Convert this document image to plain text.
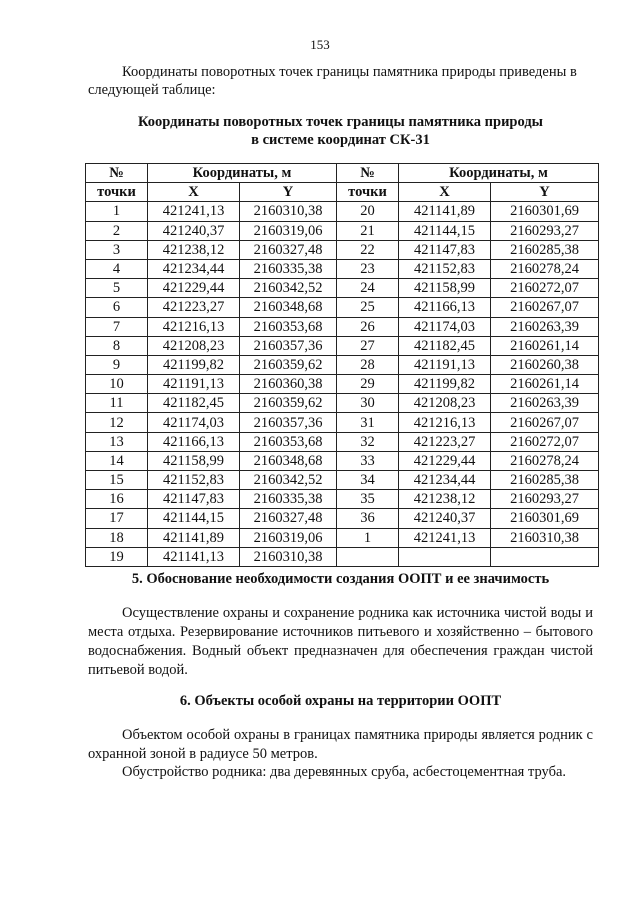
153

Координаты поворотных точек границы памятника природы приведены в следующей таблице:

Координаты поворотных точек границы памятника природы
в системе координат СК-31
№	Координаты, м		№	Координаты, м	
точки	X	Y	точки	X	Y
1	421241,13	2160310,38	20	421141,89	2160301,69
2	421240,37	2160319,06	21	421144,15	2160293,27
3	421238,12	2160327,48	22	421147,83	2160285,38
4	421234,44	2160335,38	23	421152,83	2160278,24
5	421229,44	2160342,52	24	421158,99	2160272,07
6	421223,27	2160348,68	25	421166,13	2160267,07
7	421216,13	2160353,68	26	421174,03	2160263,39
8	421208,23	2160357,36	27	421182,45	2160261,14
9	421199,82	2160359,62	28	421191,13	2160260,38
10	421191,13	2160360,38	29	421199,82	2160261,14
11	421182,45	2160359,62	30	421208,23	2160263,39
12	421174,03	2160357,36	31	421216,13	2160267,07
13	421166,13	2160353,68	32	421223,27	2160272,07
14	421158,99	2160348,68	33	421229,44	2160278,24
15	421152,83	2160342,52	34	421234,44	2160285,38
16	421147,83	2160335,38	35	421238,12	2160293,27
17	421144,15	2160327,48	36	421240,37	2160301,69
18	421141,89	2160319,06	1	421241,13	2160310,38
19	421141,13	2160310,38			
5. Обоснование необходимости создания ООПТ и ее значимость

Осуществление охраны и сохранение родника как источника чистой воды и места отдыха. Резервирование источников питьевого и хозяйственно – бытового водоснабжения. Водный объект предназначен для обеспечения граждан чистой питьевой водой.

6. Объекты особой охраны на территории ООПТ

Объектом особой охраны в границах памятника природы является родник с охранной зоной в радиусе 50 метров.

Обустройство родника: два деревянных сруба, асбестоцементная труба.
